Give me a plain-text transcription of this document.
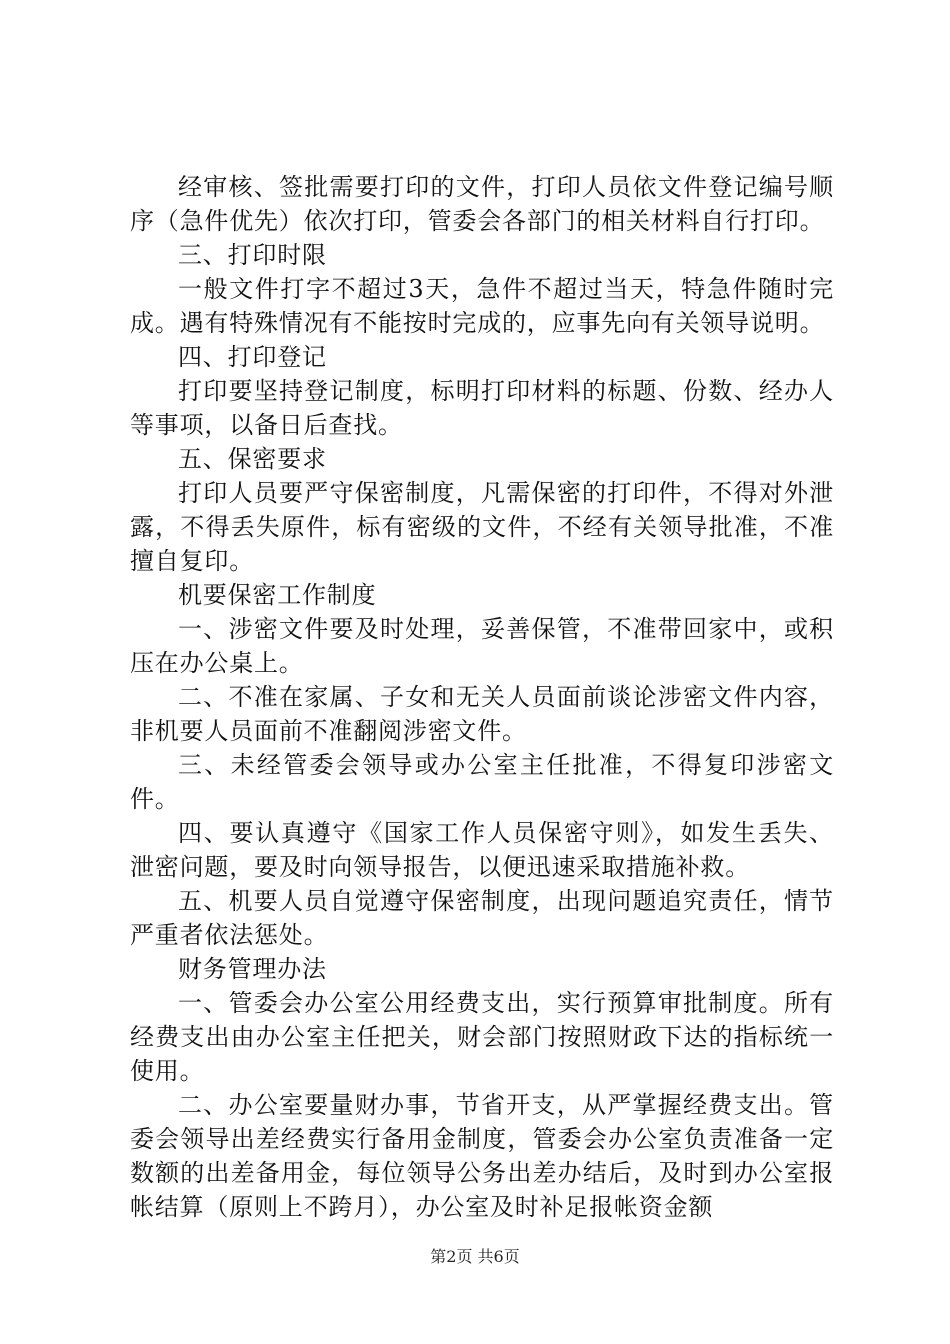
经审核、签批需要打印的文件，打印人员依文件登记编号顺序（急件优先）依次打印，管委会各部门的相关材料自行打印。

三、打印时限

一般文件打字不超过3天，急件不超过当天，特急件随时完成。遇有特殊情况有不能按时完成的，应事先向有关领导说明。

四、打印登记

打印要坚持登记制度，标明打印材料的标题、份数、经办人等事项，以备日后查找。

五、保密要求

打印人员要严守保密制度，凡需保密的打印件，不得对外泄露，不得丢失原件，标有密级的文件，不经有关领导批准，不准擅自复印。

机要保密工作制度

一、涉密文件要及时处理，妥善保管，不准带回家中，或积压在办公桌上。

二、不准在家属、子女和无关人员面前谈论涉密文件内容，非机要人员面前不准翻阅涉密文件。

三、未经管委会领导或办公室主任批准，不得复印涉密文件。

四、要认真遵守《国家工作人员保密守则》，如发生丢失、泄密问题，要及时向领导报告，以便迅速采取措施补救。

五、机要人员自觉遵守保密制度，出现问题追究责任，情节严重者依法惩处。

财务管理办法

一、管委会办公室公用经费支出，实行预算审批制度。所有经费支出由办公室主任把关，财会部门按照财政下达的指标统一使用。

二、办公室要量财办事，节省开支，从严掌握经费支出。管委会领导出差经费实行备用金制度，管委会办公室负责准备一定数额的出差备用金，每位领导公务出差办结后，及时到办公室报帐结算（原则上不跨月），办公室及时补足报帐资金额

第2页 共6页
